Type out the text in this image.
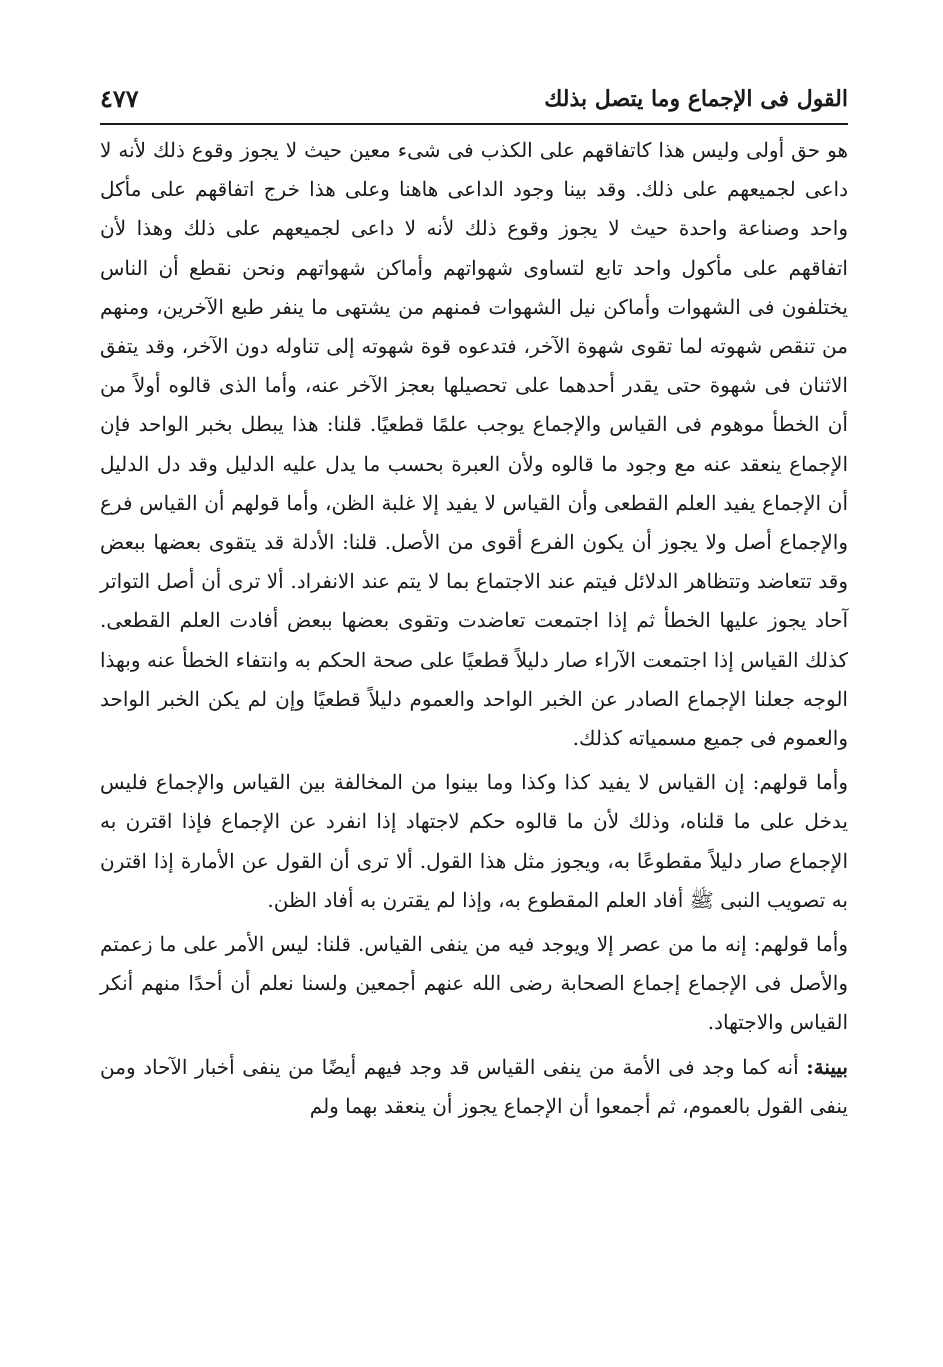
القول فى الإجماع وما يتصل بذلك
٤٧٧

هو حق أولى وليس هذا كاتفاقهم على الكذب فى شىء معين حيث لا يجوز وقوع ذلك لأنه لا داعى لجميعهم على ذلك. وقد بينا وجود الداعى هاهنا وعلى هذا خرج اتفاقهم على مأكل واحد وصناعة واحدة حيث لا يجوز وقوع ذلك لأنه لا داعى لجميعهم على ذلك وهذا لأن اتفاقهم على مأكول واحد تابع لتساوى شهواتهم وأماكن شهواتهم ونحن نقطع أن الناس يختلفون فى الشهوات وأماكن نيل الشهوات فمنهم من يشتهى ما ينفر طبع الآخرين، ومنهم من تنقص شهوته لما تقوى شهوة الآخر، فتدعوه قوة شهوته إلى تناوله دون الآخر، وقد يتفق الاثنان فى شهوة حتى يقدر أحدهما على تحصيلها بعجز الآخر عنه، وأما الذى قالوه أولاً من أن الخطأ موهوم فى القياس والإجماع يوجب علمًا قطعيًا. قلنا: هذا يبطل بخبر الواحد فإن الإجماع ينعقد عنه مع وجود ما قالوه ولأن العبرة بحسب ما يدل عليه الدليل وقد دل الدليل أن الإجماع يفيد العلم القطعى وأن القياس لا يفيد إلا غلبة الظن، وأما قولهم أن القياس فرع والإجماع أصل ولا يجوز أن يكون الفرع أقوى من الأصل. قلنا: الأدلة قد يتقوى بعضها ببعض وقد تتعاضد وتتظاهر الدلائل فيتم عند الاجتماع بما لا يتم عند الانفراد. ألا ترى أن أصل التواتر آحاد يجوز عليها الخطأ ثم إذا اجتمعت تعاضدت وتقوى بعضها ببعض أفادت العلم القطعى. كذلك القياس إذا اجتمعت الآراء صار دليلاً قطعيًا على صحة الحكم به وانتفاء الخطأ عنه وبهذا الوجه جعلنا الإجماع الصادر عن الخبر الواحد والعموم دليلاً قطعيًا وإن لم يكن الخبر الواحد والعموم فى جميع مسمياته كذلك.

وأما قولهم: إن القياس لا يفيد كذا وكذا وما بينوا من المخالفة بين القياس والإجماع فليس يدخل على ما قلناه، وذلك لأن ما قالوه حكم لاجتهاد إذا انفرد عن الإجماع فإذا اقترن به الإجماع صار دليلاً مقطوعًا به، ويجوز مثل هذا القول. ألا ترى أن القول عن الأمارة إذا اقترن به تصويب النبى ﷺ أفاد العلم المقطوع به، وإذا لم يقترن به أفاد الظن.

وأما قولهم: إنه ما من عصر إلا ويوجد فيه من ينفى القياس. قلنا: ليس الأمر على ما زعمتم والأصل فى الإجماع إجماع الصحابة رضى الله عنهم أجمعين ولسنا نعلم أن أحدًا منهم أنكر القياس والاجتهاد.

بيينة: أنه كما وجد فى الأمة من ينفى القياس قد وجد فيهم أيضًا من ينفى أخبار الآحاد ومن ينفى القول بالعموم، ثم أجمعوا أن الإجماع يجوز أن ينعقد بهما ولم
